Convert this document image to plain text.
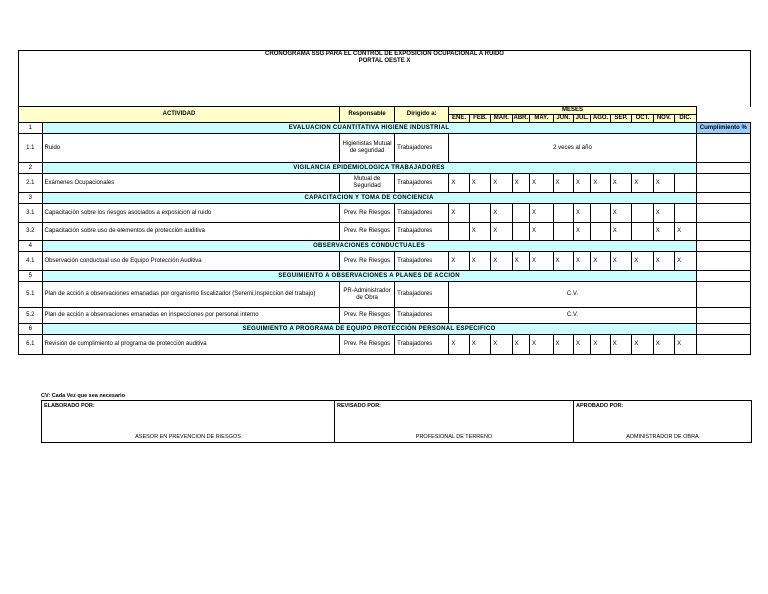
CRONOGRAMA SSG PARA EL CONTROL DE EXPOSICION OCUPACIONAL A RUIDO
PORTAL OESTE X																

ACTIVIDAD		Responsable	Dirigido a:	MESES												
				ENE.	FEB.	MAR.	ABR.	MAY.	JUN.	JUL.	AGO.	SEP.	OCT.	NOV.	DIC.	
1	EVALUACION CUANTITATIVA HIGIENE INDUSTRIAL															Cumplimiento %
1.1	Ruido	Higienistas Mutual de seguridad	Trabajadores	2 veces al año												
2	VIGILANCIA EPIDEMIOLOGICA TRABAJADORES															
2.1	Exámenes Ocupacionales	Mutual de Seguridad	Trabajadores	X	X	X	X	X	X	X	X	X	X	X		
3	CAPACITACION Y TOMA DE CONCIENCIA															
3.1	Capacitación sobre los riesgos asociados a exposicion al ruido	Prev. Re Riesgos	Trabajadores	X		X		X		X		X		X		
3.2	Capacitación sobre uso de elementos de protección auditiva	Prev. Re Riesgos	Trabajadores		X	X		X		X		X		X	X	
4	OBSERVACIONES CONDUCTUALES															
4.1	Observación conductual uso de Equipo Protección Auditiva	Prev. Re Riesgos	Trabajadores	X	X	X	X	X	X	X	X	X	X	X	X	
5	SEGUIMIENTO A OBSERVACIONES A PLANES DE ACCION															
5.1	Plan de acción a observaciones emanadas por organismo fiscalizador (Seremi,Inspeccion del trabajo)	PR-Administrador de Obra	Trabajadores	C.V.												
5.2	Plan de acción a observaciones emanadas en inspecciones por personal interno	Prev. Re Riesgos	Trabajadores	C.V.												
6	SEGUIMIENTO A PROGRAMA DE EQUIPO PROTECCIÓN PERSONAL ESPECIFICO															
6.1	Revisión de cumplimiento al programa de protección auditiva	Prev. Re Riesgos	Trabajadores	X	X	X	X	X	X	X	X	X	X	X	X	
CV: Cada Vez que sea necesario
ELABORADO POR:
ASESOR EN PREVENCION DE RIESGOS

REVISADO POR:
PROFESIONAL DE TERRENO

APROBADO POR:
ADMINISTRADOR DE OBRA
